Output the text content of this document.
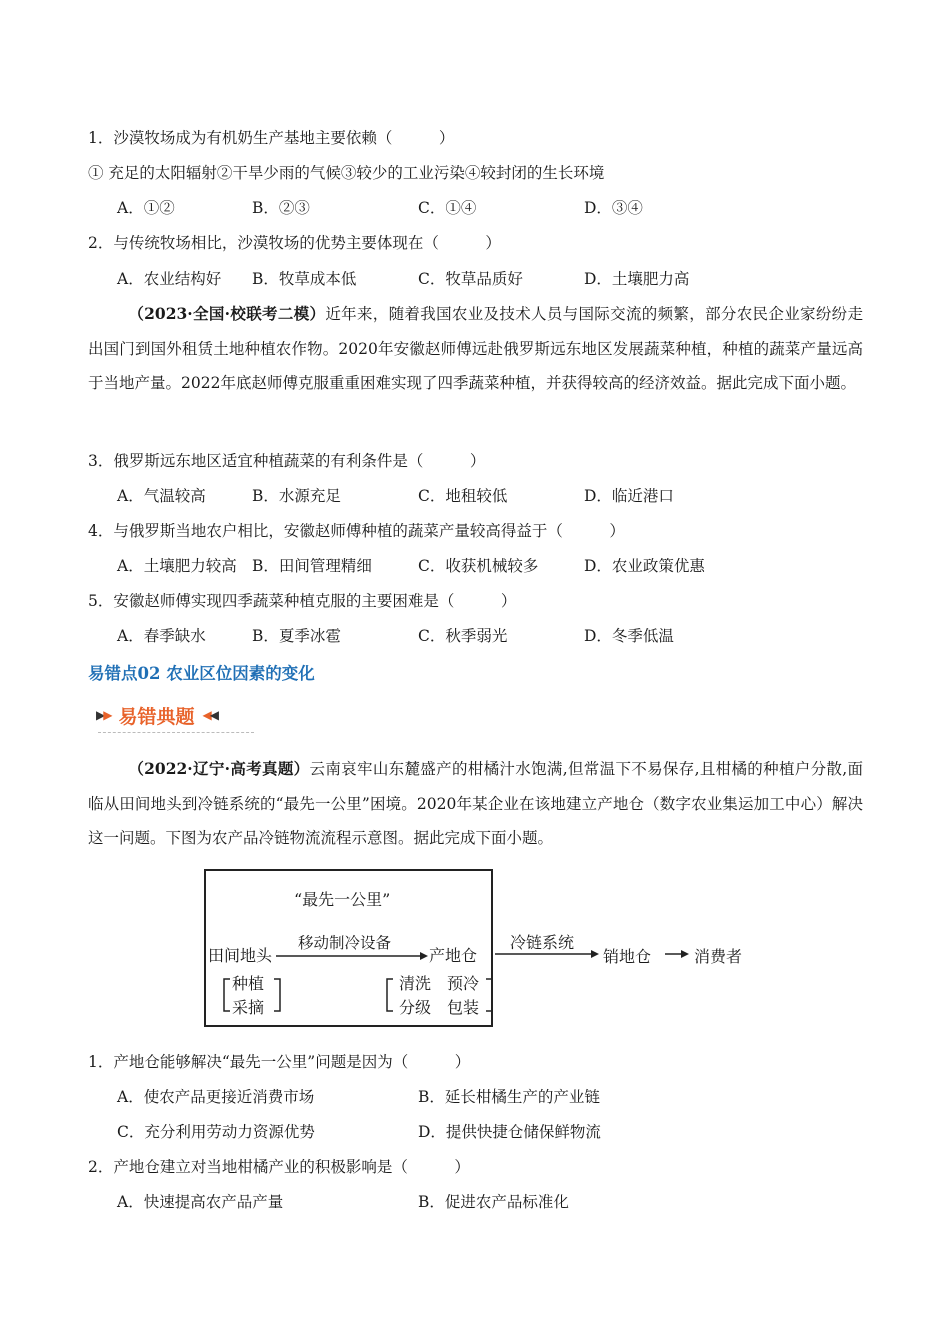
1．沙漠牧场成为有机奶生产基地主要依赖（　　　）
① 充足的太阳辐射②干旱少雨的气候③较少的工业污染④较封闭的生长环境
A．①②	B．②③	C．①④	D．③④
2．与传统牧场相比，沙漠牧场的优势主要体现在（　　　）
A．农业结构好 B．牧草成本低	C．牧草品质好	D．土壤肥力高
（2023·全国·校联考二模）近年来，随着我国农业及技术人员与国际交流的频繁，部分农民企业家纷纷走出国门到国外租赁土地种植农作物。2020年安徽赵师傅远赴俄罗斯远东地区发展蔬菜种植，种植的蔬菜产量远高于当地产量。2022年底赵师傅克服重重困难实现了四季蔬菜种植，并获得较高的经济效益。据此完成下面小题。
3．俄罗斯远东地区适宜种植蔬菜的有利条件是（　　　）
A．气温较高	B．水源充足	C．地租较低	D．临近港口
4．与俄罗斯当地农户相比，安徽赵师傅种植的蔬菜产量较高得益于（　　　）
A．土壤肥力较高 B．田间管理精细	C．收获机械较多	D．农业政策优惠
5．安徽赵师傅实现四季蔬菜种植克服的主要困难是（　　　）
A．春季缺水	B．夏季冰雹	C．秋季弱光	D．冬季低温
易错点02 农业区位因素的变化
▶ ▶ 易错典题 ◀ ◀
（2022·辽宁·高考真题）云南哀牢山东麓盛产的柑橘汁水饱满,但常温下不易保存,且柑橘的种植户分散,面临从田间地头到冷链系统的“最先一公里”困境。2020年某企业在该地建立产地仓（数字农业集运加工中心）解决这一问题。下图为农产品冷链物流流程示意图。据此完成下面小题。
“最先一公里”
田间地头
移动制冷设备
产地仓
种植
采摘
清洗 预冷
分级 包装
冷链系统
销地仓	消费者
1．产地仓能够解决“最先一公里”问题是因为（　　　）
A．使农产品更接近消费市场	B．延长柑橘生产的产业链
C．充分利用劳动力资源优势	D．提供快捷仓储保鲜物流
2．产地仓建立对当地柑橘产业的积极影响是（　　　）
A．快速提高农产品产量	B．促进农产品标准化
